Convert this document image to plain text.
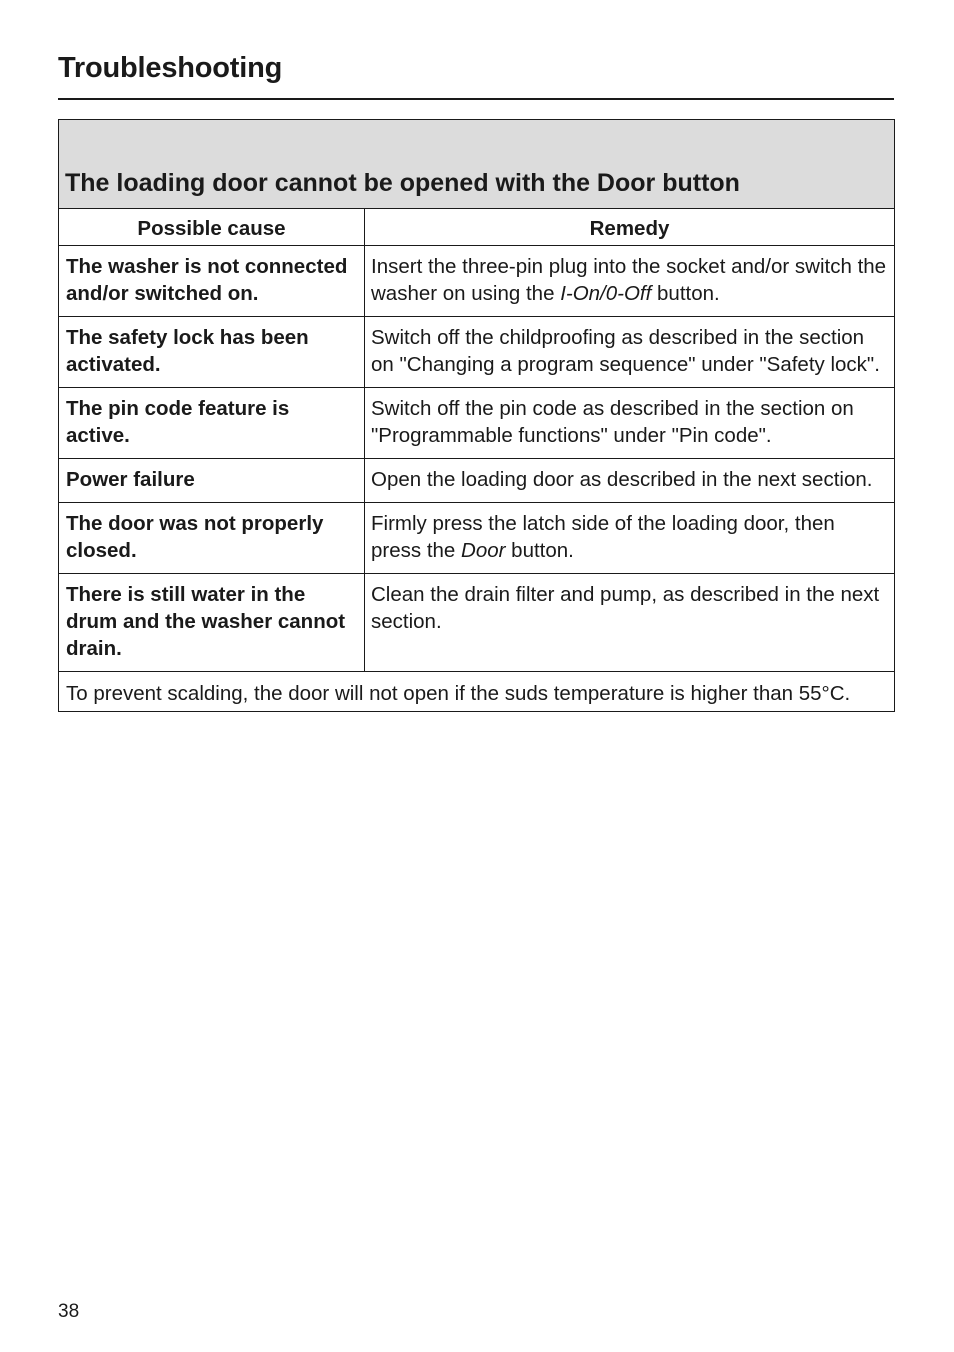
Troubleshooting
The loading door cannot be opened with the Door button	
Possible cause	Remedy
The washer is not connected and/or switched on.	Insert the three-pin plug into the socket and/or switch the washer on using the I-On/0-Off button.
The safety lock has been activated.	Switch off the childproofing as described in the section on "Changing a program sequence" under "Safety lock".
The pin code feature is active.	Switch off the pin code as described in the section on "Programmable functions" under "Pin code".
Power failure	Open the loading door as described in the next section.
The door was not properly closed.	Firmly press the latch side of the loading door, then press the Door button.
There is still water in the drum and the washer cannot drain.	Clean the drain filter and pump, as described in the next section.
To prevent scalding, the door will not open if the suds temperature is higher than 55°C.	
38
